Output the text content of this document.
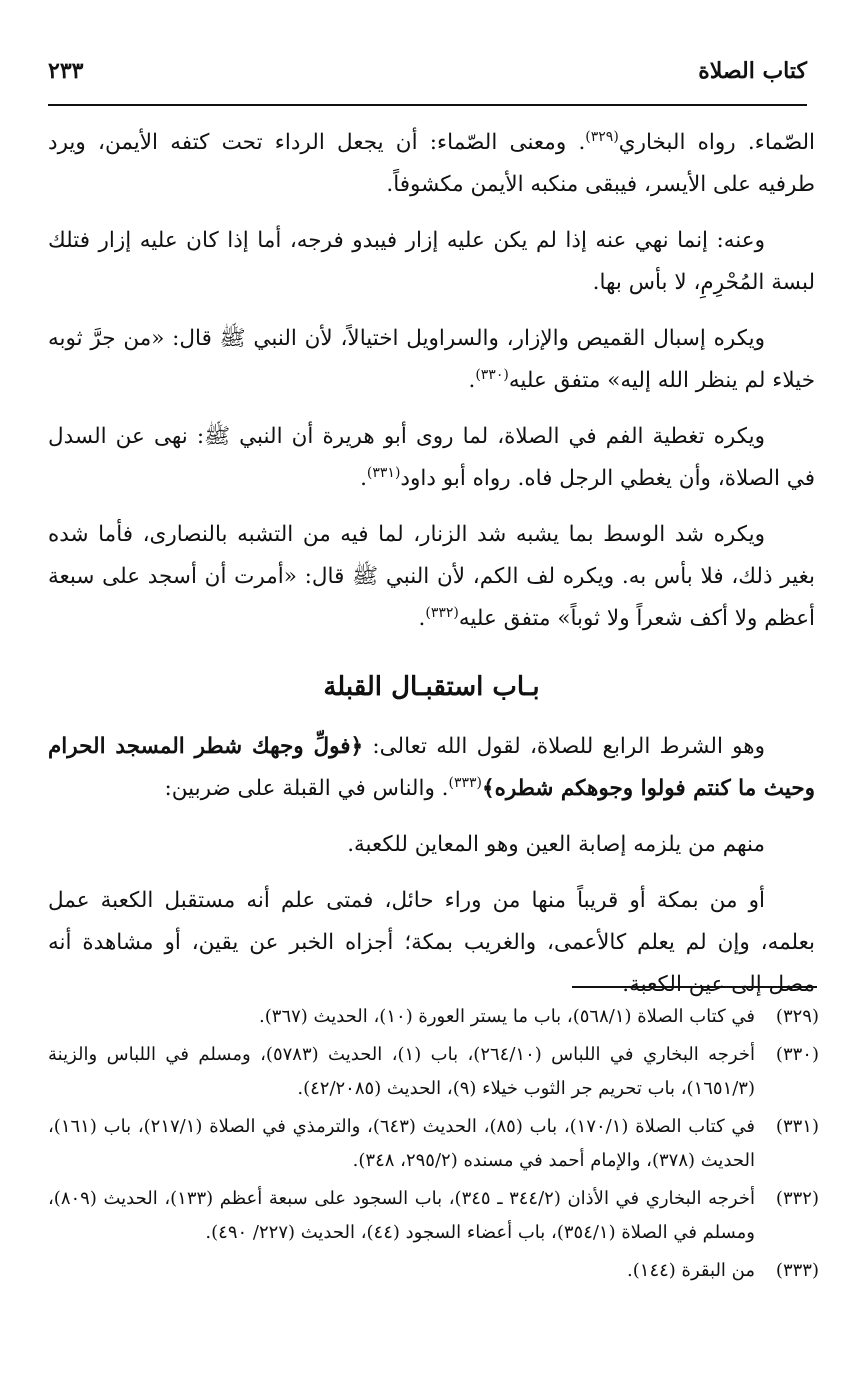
كتاب الصلاة
٢٣٣

الصّماء. رواه البخاري$^{(٣٢٩)}$. ومعنى الصّماء: أن يجعل الرداء تحت كتفه الأيمن، ويرد طرفيه على الأيسر، فيبقى منكبه الأيمن مكشوفاً.

وعنه: إنما نهي عنه إذا لم يكن عليه إزار فيبدو فرجه، أما إذا كان عليه إزار فتلك لبسة المُحْرِمِ، لا بأس بها.

ويكره إسبال القميص والإزار، والسراويل اختيالاً، لأن النبي ﷺ قال: «من جرَّ ثوبه خيلاء لم ينظر الله إليه» متفق عليه$^{(٣٣٠)}$.

ويكره تغطية الفم في الصلاة، لما روى أبو هريرة أن النبي ﷺ: نهى عن السدل في الصلاة، وأن يغطي الرجل فاه. رواه أبو داود$^{(٣٣١)}$.

ويكره شد الوسط بما يشبه شد الزنار، لما فيه من التشبه بالنصارى، فأما شده بغير ذلك، فلا بأس به. ويكره لف الكم، لأن النبي ﷺ قال: «أمرت أن أسجد على سبعة أعظم ولا أكف شعراً ولا ثوباً» متفق عليه$^{(٣٣٢)}$.

بـاب استقبـال القبلة

وهو الشرط الرابع للصلاة، لقول الله تعالى: ﴿فولِّ وجهك شطر المسجد الحرام وحيث ما كنتم فولوا وجوهكم شطره﴾$^{(٣٣٣)}$. والناس في القبلة على ضربين:

منهم من يلزمه إصابة العين وهو المعاين للكعبة.

أو من بمكة أو قريباً منها من وراء حائل، فمتى علم أنه مستقبل الكعبة عمل بعلمه، وإن لم يعلم كالأعمى، والغريب بمكة؛ أجزاه الخبر عن يقين، أو مشاهدة أنه مصل إلى عين الكعبة.

(٣٢٩)
في كتاب الصلاة (٥٦٨/١)، باب ما يستر العورة (١٠)، الحديث (٣٦٧).
(٣٣٠)
أخرجه البخاري في اللباس (٢٦٤/١٠)، باب (١)، الحديث (٥٧٨٣)، ومسلم في اللباس والزينة (١٦٥١/٣)، باب تحريم جر الثوب خيلاء (٩)، الحديث (٤٢/٢٠٨٥).
(٣٣١)
في كتاب الصلاة (١٧٠/١)، باب (٨٥)، الحديث (٦٤٣)، والترمذي في الصلاة (٢١٧/١)، باب (١٦١)، الحديث (٣٧٨)، والإمام أحمد في مسنده (٢٩٥/٢، ٣٤٨).
(٣٣٢)
أخرجه البخاري في الأذان (٣٤٤/٢ ـ ٣٤٥)، باب السجود على سبعة أعظم (١٣٣)، الحديث (٨٠٩)، ومسلم في الصلاة (٣٥٤/١)، باب أعضاء السجود (٤٤)، الحديث (٢٢٧/ ٤٩٠).
(٣٣٣)
من البقرة (١٤٤).
